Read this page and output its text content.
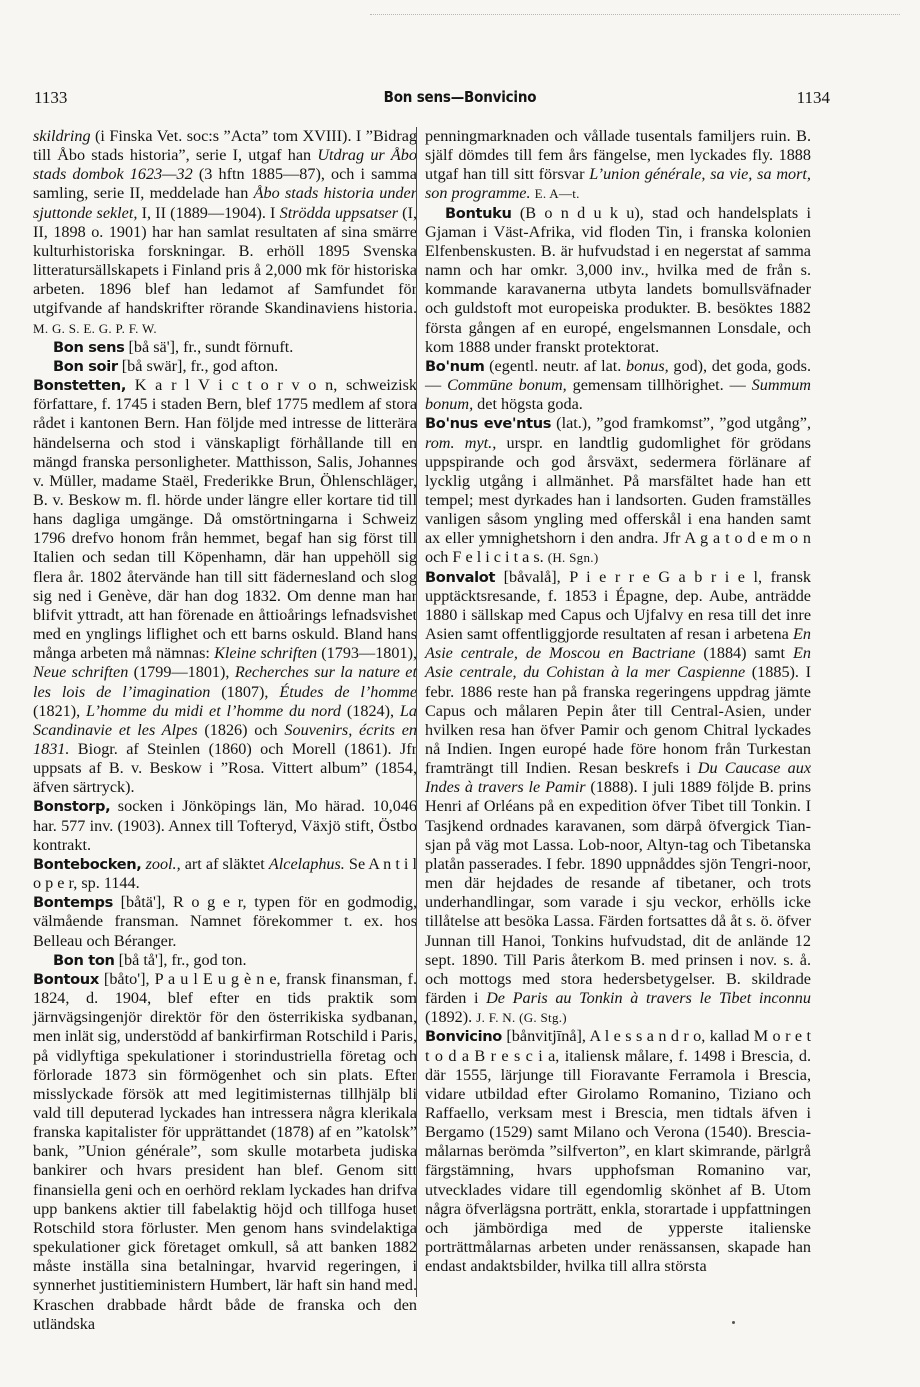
1133	Bon sens—Bonvicino	1134

skildring (i Finska Vet. soc:s ”Acta” tom XVIII). I ”Bidrag till Åbo stads historia”, serie I, utgaf han Utdrag ur Åbo stads dombok 1623—32 (3 hftn 1885—87), och i samma samling, serie II, meddelade han Åbo stads historia under sjuttonde seklet, I, II (1889—1904). I Strödda uppsatser (I, II, 1898 o. 1901) har han samlat resultaten af sina smärre kulturhistoriska forskningar. B. erhöll 1895 Svenska litteratursällskapets i Finland pris å 2,000 mk för historiska arbeten. 1896 blef han ledamot af Samfundet för utgifvande af handskrifter rörande Skandinaviens historia. M. G. S. E. G. P. F. W.

Bon sens [bå sä'], fr., sundt förnuft.

Bon soir [bå swär], fr., god afton.

Bonstetten, K a r l V i c t o r v o n, schweizisk författare, f. 1745 i staden Bern, blef 1775 medlem af stora rådet i kantonen Bern. Han följde med intresse de litterära händelserna och stod i vänskapligt förhållande till en mängd franska personligheter. Matthisson, Salis, Johannes v. Müller, madame Staël, Frederikke Brun, Öhlenschläger, B. v. Beskow m. fl. hörde under längre eller kortare tid till hans dagliga umgänge. Då omstörtningarna i Schweiz 1796 drefvo honom från hemmet, begaf han sig först till Italien och sedan till Köpenhamn, där han uppehöll sig flera år. 1802 återvände han till sitt fädernesland och slog sig ned i Genève, där han dog 1832. Om denne man har blifvit yttradt, att han förenade en åttioårings lefnadsvishet med en ynglings liflighet och ett barns oskuld. Bland hans många arbeten må nämnas: Kleine schriften (1793—1801), Neue schriften (1799—1801), Recherches sur la nature et les lois de l’imagination (1807), Études de l’homme (1821), L’homme du midi et l’homme du nord (1824), La Scandinavie et les Alpes (1826) och Souvenirs, écrits en 1831. Biogr. af Steinlen (1860) och Morell (1861). Jfr uppsats af B. v. Beskow i ”Rosa. Vittert album” (1854, äfven särtryck).

Bonstorp, socken i Jönköpings län, Mo härad. 10,046 har. 577 inv. (1903). Annex till Tofteryd, Växjö stift, Östbo kontrakt.

Bontebocken, zool., art af släktet Alcelaphus. Se A n t i l o p e r, sp. 1144.

Bontemps [båtä'], R o g e r, typen för en godmodig, välmående fransman. Namnet förekommer t. ex. hos Belleau och Béranger.

Bon ton [bå tå'], fr., god ton.

Bontoux [båto'], P a u l E u g è n e, fransk finansman, f. 1824, d. 1904, blef efter en tids praktik som järnvägsingenjör direktör för den österrikiska sydbanan, men inlät sig, understödd af bankirfirman Rotschild i Paris, på vidlyftiga spekulationer i storindustriella företag och förlorade 1873 sin förmögenhet och sin plats. Efter misslyckade försök att med legitimisternas tillhjälp bli vald till deputerad lyckades han intressera några klerikala franska kapitalister för upprättandet (1878) af en ”katolsk” bank, ”Union générale”, som skulle motarbeta judiska bankirer och hvars president han blef. Genom sitt finansiella geni och en oerhörd reklam lyckades han drifva upp bankens aktier till fabelaktig höjd och tillfoga huset Rotschild stora förluster. Men genom hans svindelaktiga spekulationer gick företaget omkull, så att banken 1882 måste inställa sina betalningar, hvarvid regeringen, i synnerhet justitieministern Humbert, lär haft sin hand med. Kraschen drabbade hårdt både de franska och den utländska

penningmarknaden och vållade tusentals familjers ruin. B. själf dömdes till fem års fängelse, men lyckades fly. 1888 utgaf han till sitt försvar L’union générale, sa vie, sa mort, son programme. E. A—t.

Bontuku (B o n d u k u), stad och handelsplats i Gjaman i Väst-Afrika, vid floden Tin, i franska kolonien Elfenbenskusten. B. är hufvudstad i en negerstat af samma namn och har omkr. 3,000 inv., hvilka med de från s. kommande karavanerna utbyta landets bomullsväfnader och guldstoft mot europeiska produkter. B. besöktes 1882 första gången af en europé, engelsmannen Lonsdale, och kom 1888 under franskt protektorat.

Bo'num (egentl. neutr. af lat. bonus, god), det goda, gods. — Commūne bonum, gemensam tillhörighet. — Summum bonum, det högsta goda.

Bo'nus eve'ntus (lat.), ”god framkomst”, ”god utgång”, rom. myt., urspr. en landtlig gudomlighet för grödans uppspirande och god årsväxt, sedermera förlänare af lycklig utgång i allmänhet. På marsfältet hade han ett tempel; mest dyrkades han i landsorten. Guden framställes vanligen såsom yngling med offerskål i ena handen samt ax eller ymnighetshorn i den andra. Jfr A g a t o d e m o n och F e l i c i t a s. (H. Sgn.)

Bonvalot [båvalå], P i e r r e G a b r i e l, fransk upptäcktsresande, f. 1853 i Épagne, dep. Aube, anträdde 1880 i sällskap med Capus och Ujfalvy en resa till det inre Asien samt offentliggjorde resultaten af resan i arbetena En Asie centrale, de Moscou en Bactriane (1884) samt En Asie centrale, du Cohistan à la mer Caspienne (1885). I febr. 1886 reste han på franska regeringens uppdrag jämte Capus och målaren Pepin åter till Central-Asien, under hvilken resa han öfver Pamir och genom Chitral lyckades nå Indien. Ingen europé hade före honom från Turkestan framträngt till Indien. Resan beskrefs i Du Caucase aux Indes à travers le Pamir (1888). I juli 1889 följde B. prins Henri af Orléans på en expedition öfver Tibet till Tonkin. I Tasjkend ordnades karavanen, som därpå öfvergick Tian-sjan på väg mot Lassa. Lob-noor, Altyn-tag och Tibetanska platån passerades. I febr. 1890 uppnåddes sjön Tengri-noor, men där hejdades de resande af tibetaner, och trots underhandlingar, som varade i sju veckor, erhölls icke tillåtelse att besöka Lassa. Färden fortsattes då åt s. ö. öfver Junnan till Hanoi, Tonkins hufvudstad, dit de anlände 12 sept. 1890. Till Paris återkom B. med prinsen i nov. s. å. och mottogs med stora hedersbetygelser. B. skildrade färden i De Paris au Tonkin à travers le Tibet inconnu (1892). J. F. N. (G. Stg.)

Bonvicino [bånvitjīnå], A l e s s a n d r o, kallad M o r e t t o d a B r e s c i a, italiensk målare, f. 1498 i Brescia, d. där 1555, lärjunge till Fioravante Ferramola i Brescia, vidare utbildad efter Girolamo Romanino, Tiziano och Raffaello, verksam mest i Brescia, men tidtals äfven i Bergamo (1529) samt Milano och Verona (1540). Brescia-målarnas berömda ”silfverton”, en klart skimrande, pärlgrå färgstämning, hvars upphofsman Romanino var, utvecklades vidare till egendomlig skönhet af B. Utom några öfverlägsna porträtt, enkla, storartade i uppfattningen och jämbördiga med de ypperste italienske porträttmålarnas arbeten under renässansen, skapade han endast andaktsbilder, hvilka till allra största
